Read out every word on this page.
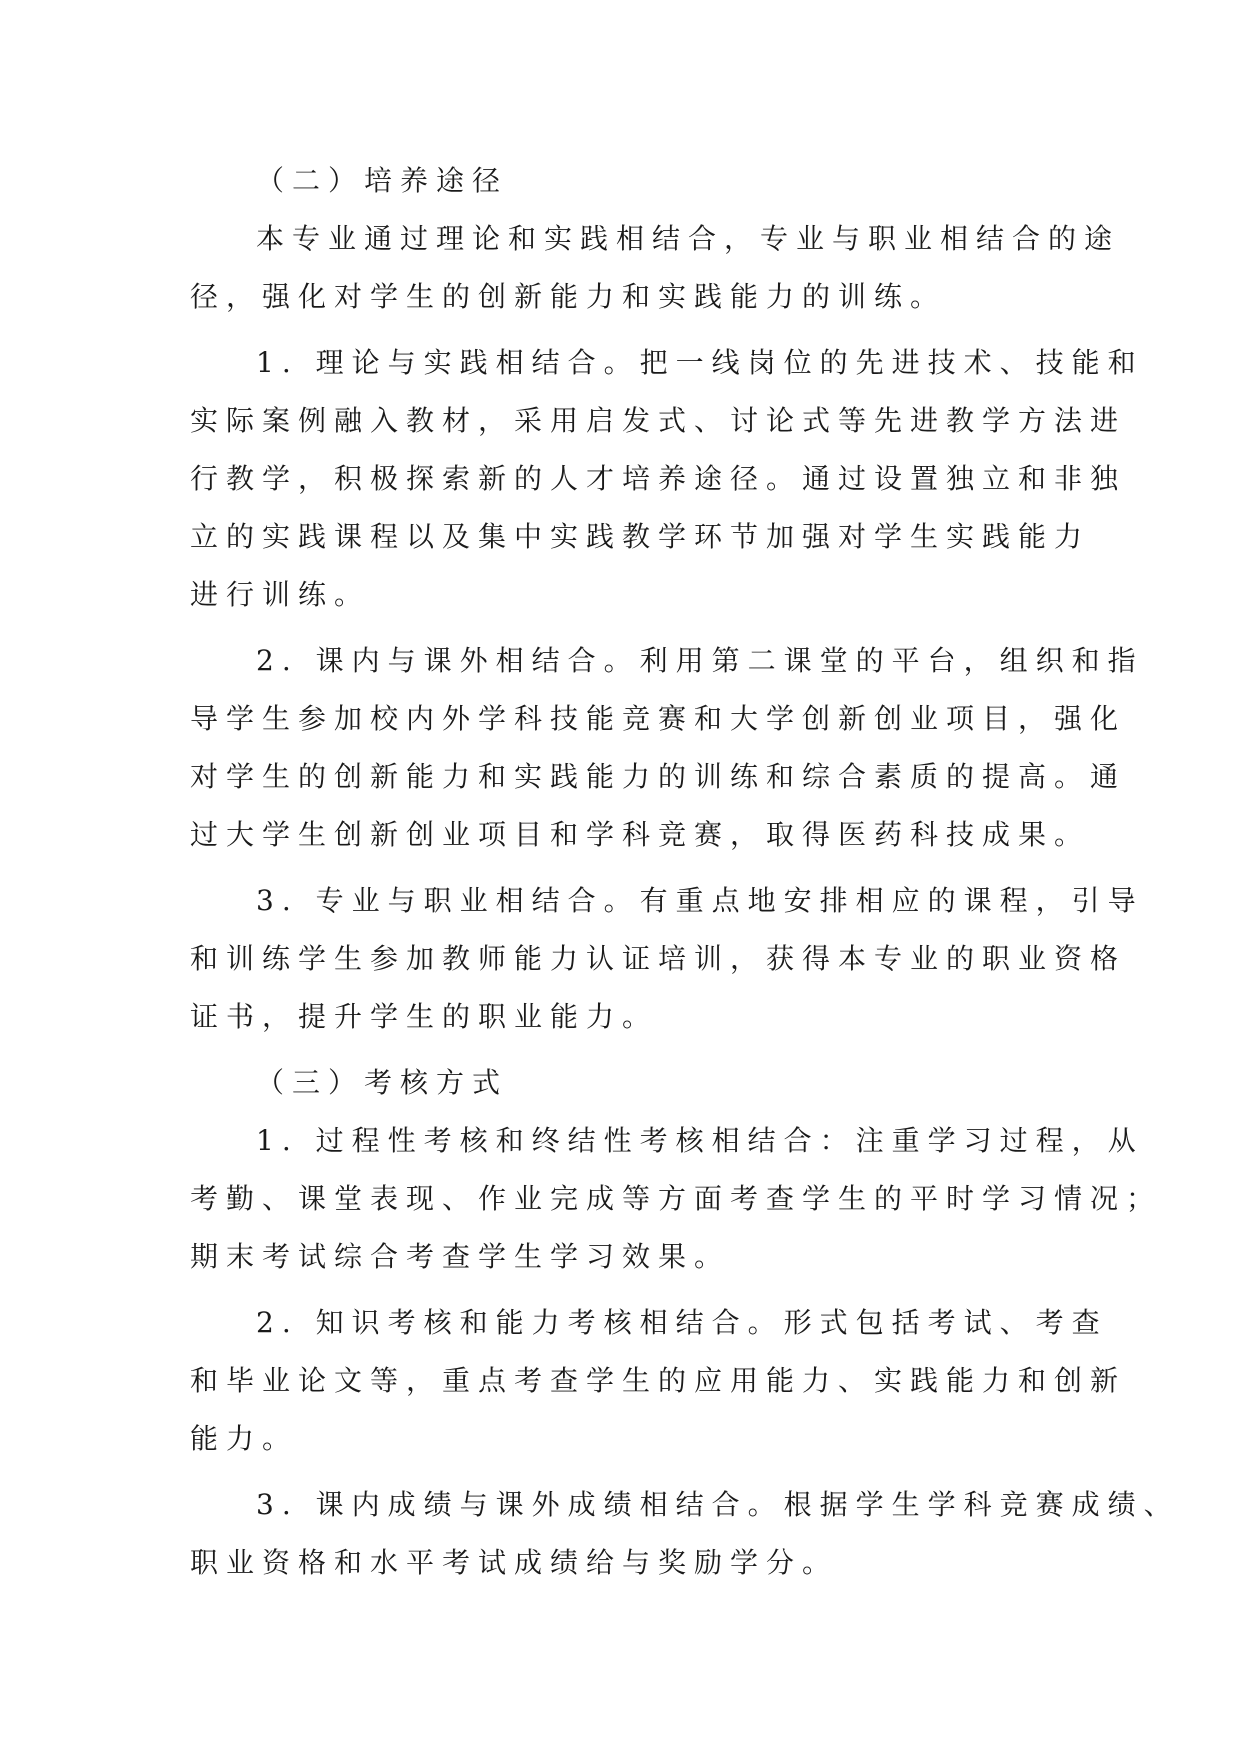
（二）培养途径
本专业通过理论和实践相结合，专业与职业相结合的途
径，强化对学生的创新能力和实践能力的训练。
1. 理论与实践相结合。把一线岗位的先进技术、技能和
实际案例融入教材，采用启发式、讨论式等先进教学方法进
行教学，积极探索新的人才培养途径。通过设置独立和非独
立的实践课程以及集中实践教学环节加强对学生实践能力
进行训练。
2. 课内与课外相结合。利用第二课堂的平台，组织和指
导学生参加校内外学科技能竞赛和大学创新创业项目，强化
对学生的创新能力和实践能力的训练和综合素质的提高。通
过大学生创新创业项目和学科竞赛，取得医药科技成果。
3. 专业与职业相结合。有重点地安排相应的课程，引导
和训练学生参加教师能力认证培训，获得本专业的职业资格
证书，提升学生的职业能力。
（三）考核方式
1. 过程性考核和终结性考核相结合：注重学习过程，从
考勤、课堂表现、作业完成等方面考查学生的平时学习情况；
期末考试综合考查学生学习效果。
2. 知识考核和能力考核相结合。形式包括考试、考查
和毕业论文等，重点考查学生的应用能力、实践能力和创新
能力。
3. 课内成绩与课外成绩相结合。根据学生学科竞赛成绩、
职业资格和水平考试成绩给与奖励学分。
